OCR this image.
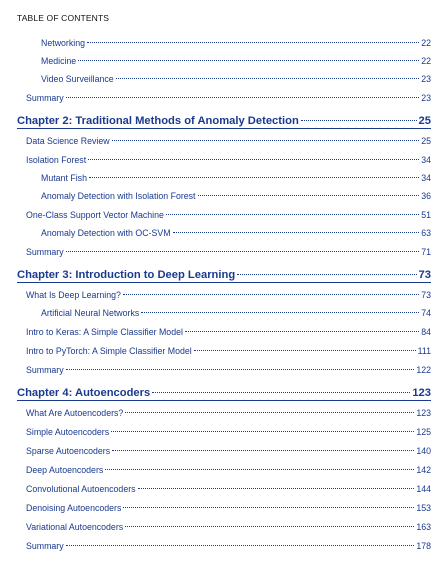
TABLE OF CONTENTS
Networking	22
Medicine	22
Video Surveillance	23
Summary	23
Chapter 2: Traditional Methods of Anomaly Detection	25
Data Science Review	25
Isolation Forest	34
Mutant Fish	34
Anomaly Detection with Isolation Forest	36
One-Class Support Vector Machine	51
Anomaly Detection with OC-SVM	63
Summary	71
Chapter 3: Introduction to Deep Learning	73
What Is Deep Learning?	73
Artificial Neural Networks	74
Intro to Keras: A Simple Classifier Model	84
Intro to PyTorch: A Simple Classifier Model	111
Summary	122
Chapter 4: Autoencoders	123
What Are Autoencoders?	123
Simple Autoencoders	125
Sparse Autoencoders	140
Deep Autoencoders	142
Convolutional Autoencoders	144
Denoising Autoencoders	153
Variational Autoencoders	163
Summary	178
